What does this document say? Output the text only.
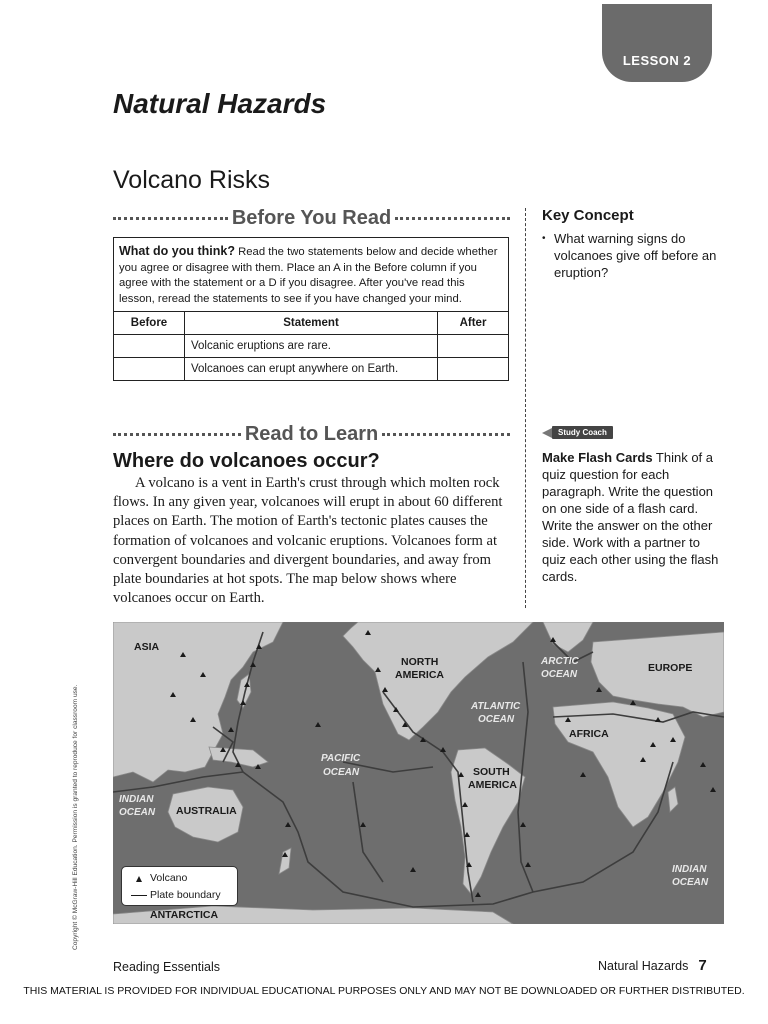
LESSON 2
Natural Hazards
Volcano Risks
Before You Read
What do you think? Read the two statements below and decide whether you agree or disagree with them. Place an A in the Before column if you agree with the statement or a D if you disagree. After you've read this lesson, reread the statements to see if you have changed your mind.
Before	Statement	After
	Volcanic eruptions are rare.	
	Volcanoes can erupt anywhere on Earth.	
Key Concept
• What warning signs do volcanoes give off before an eruption?
Read to Learn	Study Coach

Make Flash Cards Think of a quiz question for each paragraph. Write the question on one side of a flash card. Write the answer on the other side. Work with a partner to quiz each other using the flash cards.

Where do volcanoes occur?

A volcano is a vent in Earth's crust through which molten rock flows. In any given year, volcanoes will erupt in about 60 different places on Earth. The motion of Earth's tectonic plates causes the formation of volcanoes and volcanic eruptions. Volcanoes form at convergent boundaries and divergent boundaries, and away from plate boundaries at hot spots. The map below shows where volcanoes occur on Earth.

ASIA
NORTH
AMERICA
EUROPE
AFRICA
SOUTH
AMERICA
AUSTRALIA
ANTARCTICA
ARCTIC
OCEAN
ATLANTIC
OCEAN
PACIFIC
OCEAN
INDIAN
OCEAN
INDIAN
OCEAN
Volcano
Plate boundary
Copyright © McGraw-Hill Education. Permission is granted to reproduce for classroom use.
Reading Essentials	Natural Hazards 7
THIS MATERIAL IS PROVIDED FOR INDIVIDUAL EDUCATIONAL PURPOSES ONLY AND MAY NOT BE DOWNLOADED OR FURTHER DISTRIBUTED.
